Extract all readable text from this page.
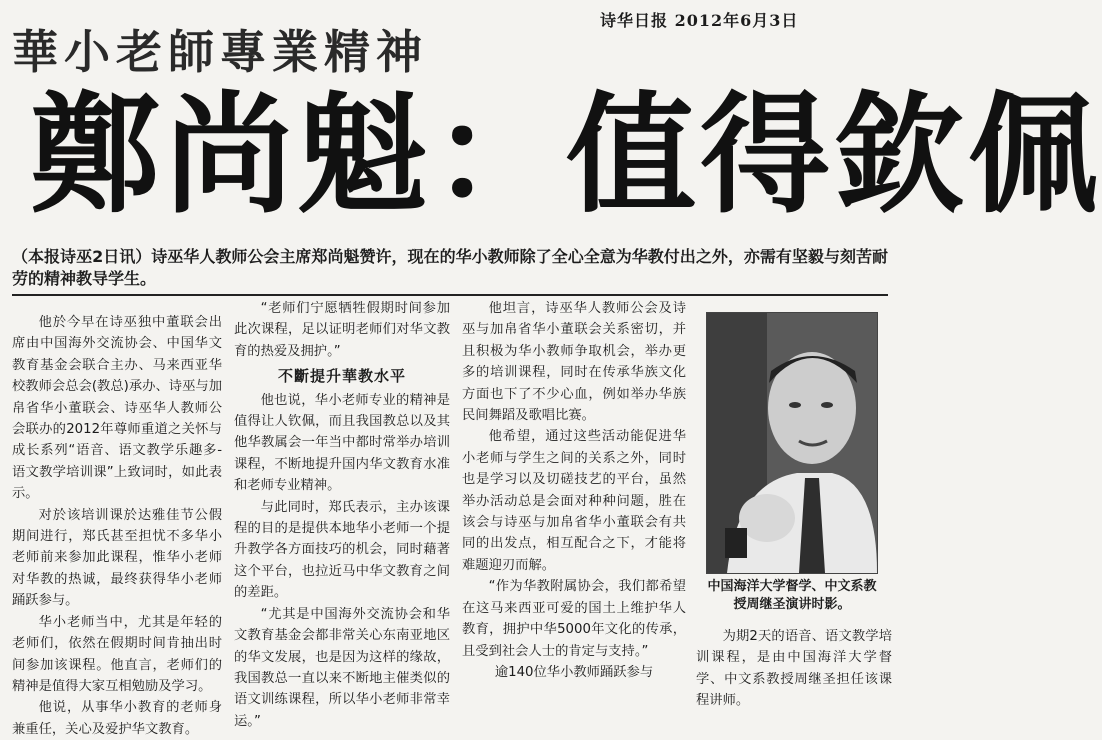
诗华日报 2012年6月3日
華小老師專業精神
鄭尚魁：值得欽佩
（本报诗巫2日讯）诗巫华人教师公会主席郑尚魁赞许，现在的华小教师除了全心全意为华教付出之外，亦需有坚毅与刻苦耐劳的精神教导学生。

他於今早在诗巫独中董联会出席由中国海外交流协会、中国华文教育基金会联合主办、马来西亚华校教师会总会(教总)承办、诗巫与加帛省华小董联会、诗巫华人教师公会联办的2012年尊师重道之关怀与成长系列“语音、语文教学乐趣多-语文教学培训课”上致词时，如此表示。

对於该培训课於达雅佳节公假期间进行，郑氏甚至担忧不多华小老师前来参加此课程，惟华小老师对华教的热诚，最终获得华小老师踊跃参与。

华小老师当中，尤其是年轻的老师们，依然在假期时间肯抽出时间参加该课程。他直言，老师们的精神是值得大家互相勉励及学习。

他说，从事华小教育的老师身兼重任，关心及爱护华文教育。

“老师们宁愿牺牲假期时间参加此次课程，足以证明老师们对华文教育的热爱及拥护。”

不斷提升華教水平

他也说，华小老师专业的精神是值得让人钦佩，而且我国教总以及其他华教属会一年当中都时常举办培训课程，不断地提升国内华文教育水准和老师专业精神。

与此同时，郑氏表示，主办该课程的目的是提供本地华小老师一个提升教学各方面技巧的机会，同时藉著这个平台，也拉近马中华文教育之间的差距。

“尤其是中国海外交流协会和华文教育基金会都非常关心东南亚地区的华文发展，也是因为这样的缘故，我国教总一直以来不断地主催类似的语文训练课程，所以华小老师非常幸运。”

他坦言，诗巫华人教师公会及诗巫与加帛省华小董联会关系密切，并且积极为华小教师争取机会，举办更多的培训课程，同时在传承华族文化方面也下了不少心血，例如举办华族民间舞蹈及歌唱比赛。

他希望，通过这些活动能促进华小老师与学生之间的关系之外，同时也是学习以及切磋技艺的平台，虽然举办活动总是会面对种种问题，胜在该会与诗巫与加帛省华小董联会有共同的出发点，相互配合之下，才能将难题迎刃而解。

“作为华教附属协会，我们都希望在这马来西亚可爱的国土上维护华人教育，拥护中华5000年文化的传承，且受到社会人士的肯定与支持。”

逾140位华小教师踊跃参与

中国海洋大学督学、中文系教授周继圣演讲时影。

为期2天的语音、语文教学培训课程，是由中国海洋大学督学、中文系教授周继圣担任该课程讲师。
